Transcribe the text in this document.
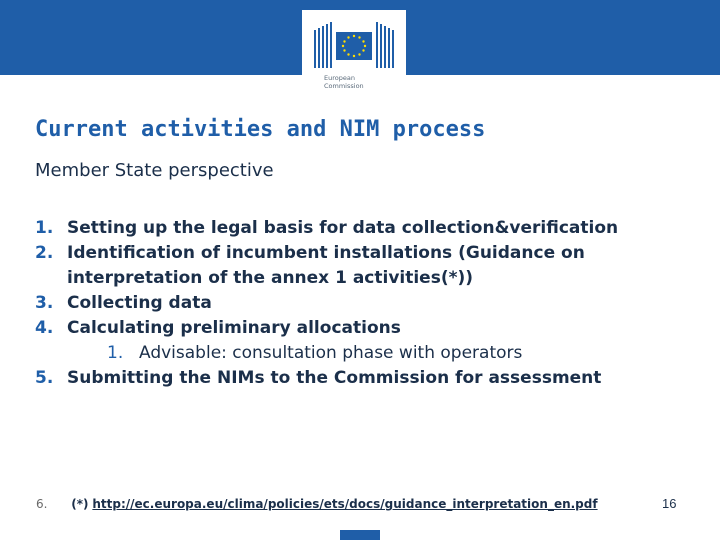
European
Commission
Current activities and NIM process
Member State perspective
1. Setting up the legal basis for data collection&verification
2. Identification of incumbent installations (Guidance on
interpretation of the annex 1 activities(*))
3. Collecting data
4. Calculating preliminary allocations
1. Advisable: consultation phase with operators
5. Submitting the NIMs to the Commission for assessment
6. (*) http://ec.europa.eu/clima/policies/ets/docs/guidance_interpretation_en.pdf	16
